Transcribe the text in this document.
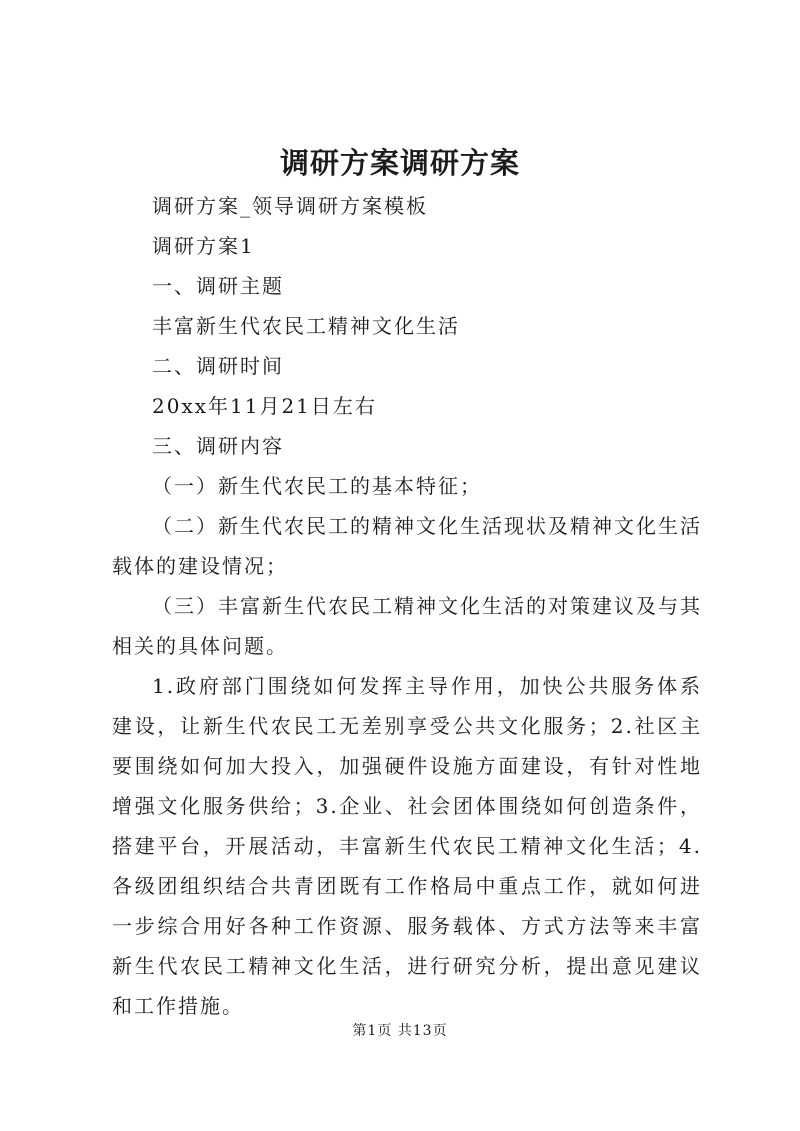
调研方案调研方案

调研方案_领导调研方案模板

调研方案1

一、调研主题

丰富新生代农民工精神文化生活

二、调研时间

20xx年11月21日左右

三、调研内容

（一）新生代农民工的基本特征；

（二）新生代农民工的精神文化生活现状及精神文化生活载体的建设情况；

（三）丰富新生代农民工精神文化生活的对策建议及与其相关的具体问题。

1.政府部门围绕如何发挥主导作用，加快公共服务体系建设，让新生代农民工无差别享受公共文化服务；2.社区主要围绕如何加大投入，加强硬件设施方面建设，有针对性地增强文化服务供给；3.企业、社会团体围绕如何创造条件，搭建平台，开展活动，丰富新生代农民工精神文化生活；4.各级团组织结合共青团既有工作格局中重点工作，就如何进一步综合用好各种工作资源、服务载体、方式方法等来丰富新生代农民工精神文化生活，进行研究分析，提出意见建议和工作措施。

第1页 共13页
